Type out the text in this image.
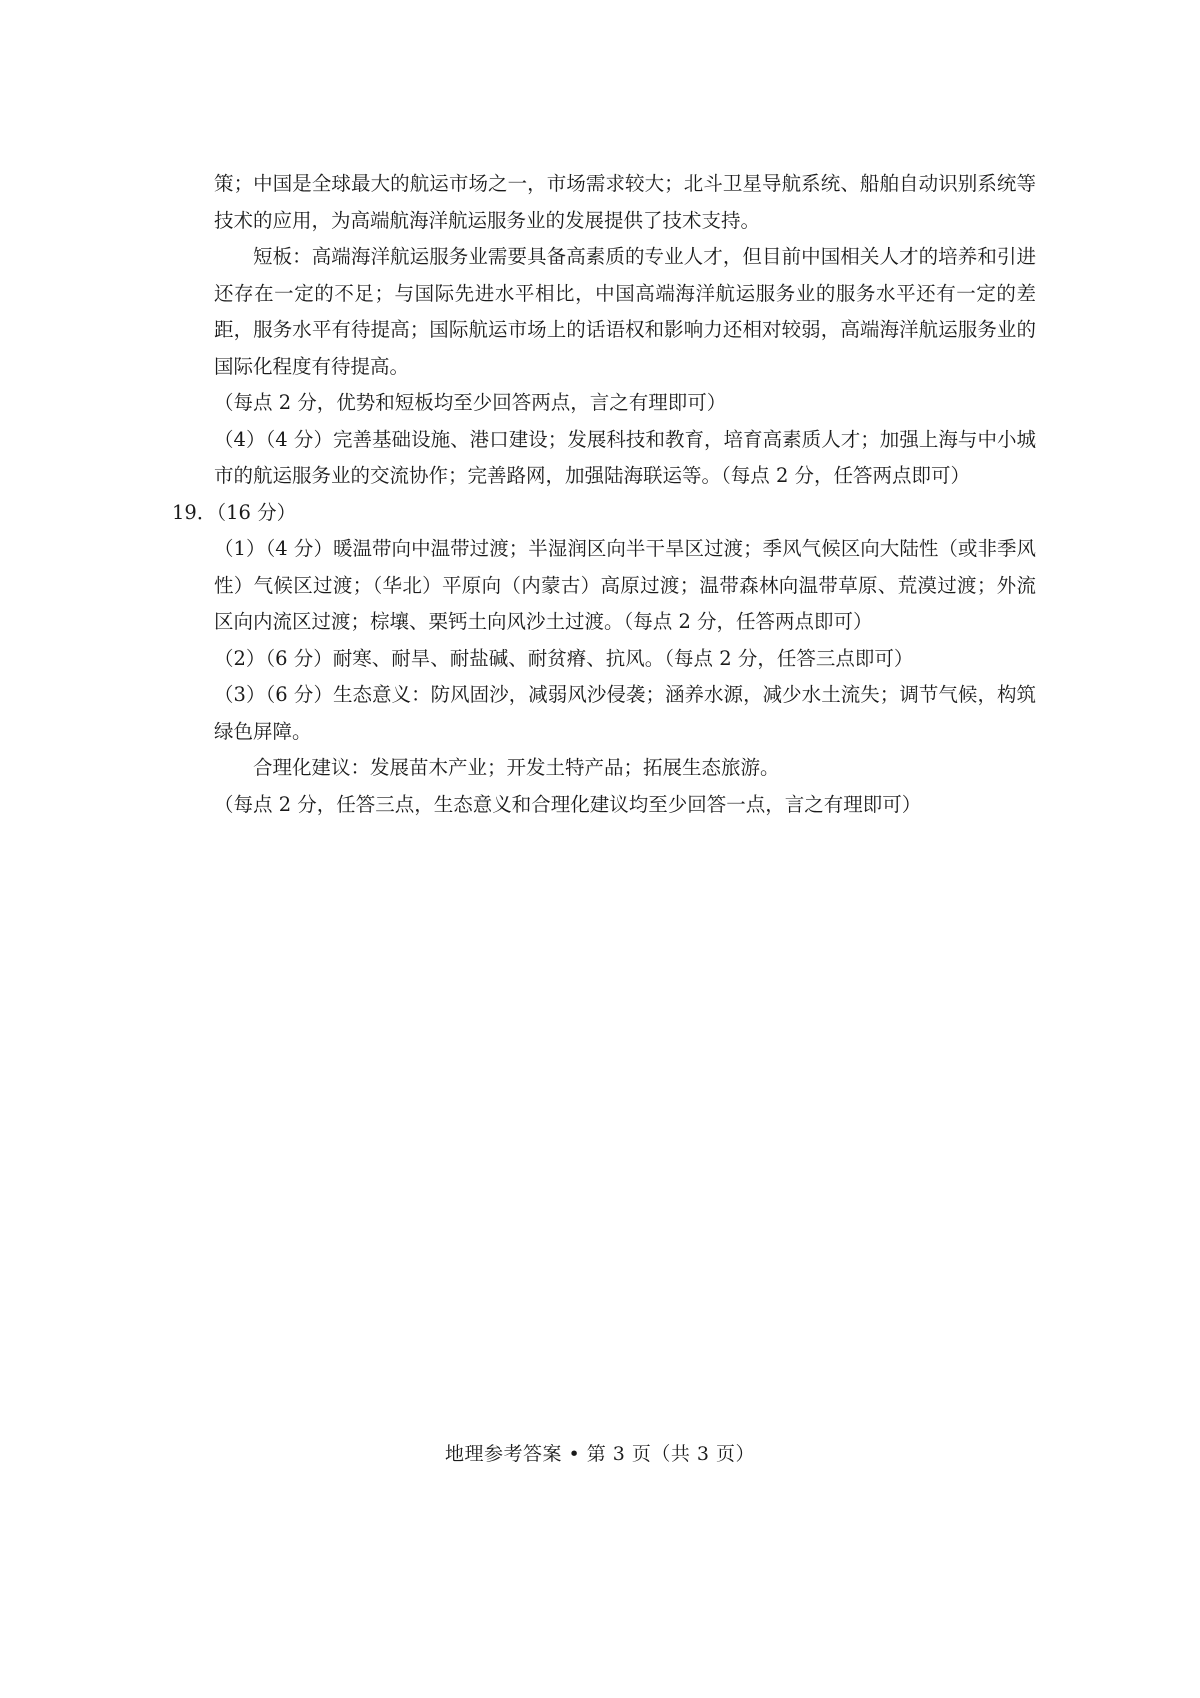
策；中国是全球最大的航运市场之一，市场需求较大；北斗卫星导航系统、船舶自动识别系统等技术的应用，为高端航海洋航运服务业的发展提供了技术支持。

短板：高端海洋航运服务业需要具备高素质的专业人才，但目前中国相关人才的培养和引进还存在一定的不足；与国际先进水平相比，中国高端海洋航运服务业的服务水平还有一定的差距，服务水平有待提高；国际航运市场上的话语权和影响力还相对较弱，高端海洋航运服务业的国际化程度有待提高。

（每点 2 分，优势和短板均至少回答两点，言之有理即可）

（4）（4 分）完善基础设施、港口建设；发展科技和教育，培育高素质人才；加强上海与中小城市的航运服务业的交流协作；完善路网，加强陆海联运等。（每点 2 分，任答两点即可）

19．（16 分）

（1）（4 分）暖温带向中温带过渡；半湿润区向半干旱区过渡；季风气候区向大陆性（或非季风性）气候区过渡；（华北）平原向（内蒙古）高原过渡；温带森林向温带草原、荒漠过渡；外流区向内流区过渡；棕壤、栗钙土向风沙土过渡。（每点 2 分，任答两点即可）

（2）（6 分）耐寒、耐旱、耐盐碱、耐贫瘠、抗风。（每点 2 分，任答三点即可）

（3）（6 分）生态意义：防风固沙，减弱风沙侵袭；涵养水源，减少水土流失；调节气候，构筑绿色屏障。

合理化建议：发展苗木产业；开发土特产品；拓展生态旅游。

（每点 2 分，任答三点，生态意义和合理化建议均至少回答一点，言之有理即可）

地理参考答案 • 第 3 页（共 3 页）
